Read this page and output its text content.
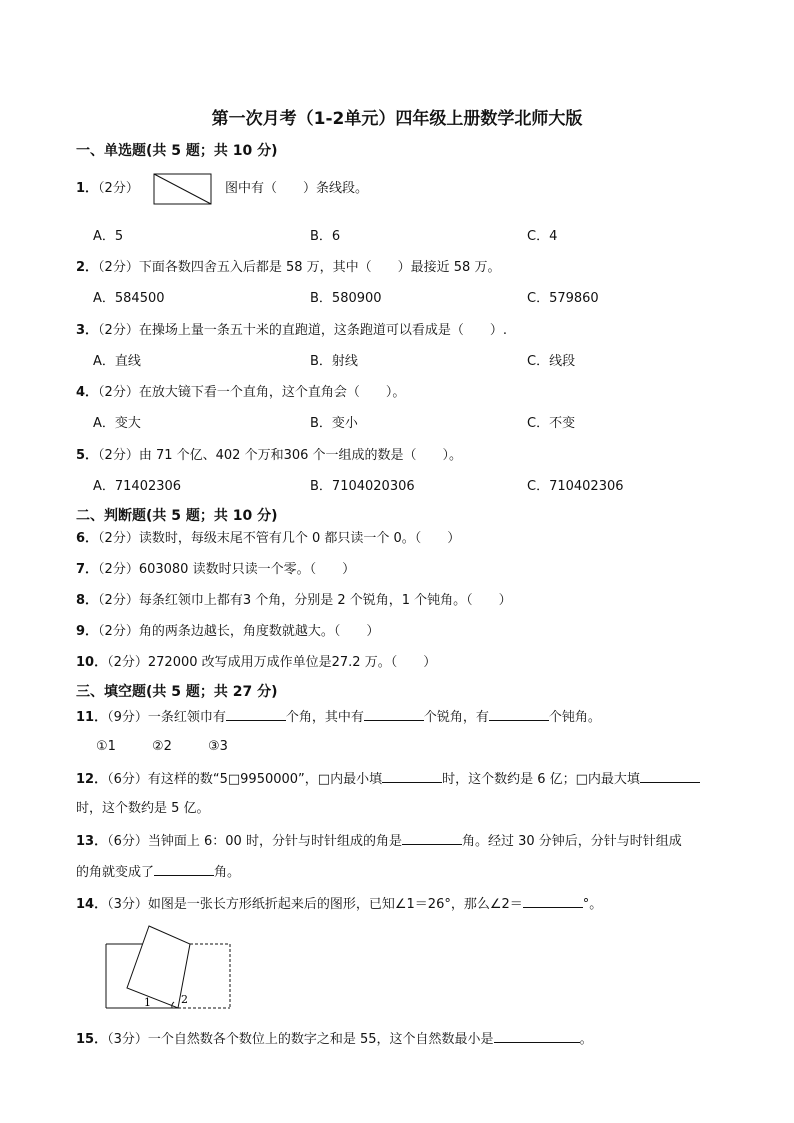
第一次月考（1-2单元）四年级上册数学北师大版
一、单选题(共 5 题；共 10 分)
1．（2分）	图中有（　　）条线段。
A．5	B．6	C．4
2．（2分）下面各数四舍五入后都是 58 万，其中（　　）最接近 58 万。
A．584500	B．580900	C．579860
3．（2分）在操场上量一条五十米的直跑道，这条跑道可以看成是（　　）.
A．直线	B．射线	C．线段
4．（2分）在放大镜下看一个直角，这个直角会（　　）。
A．变大	B．变小	C．不变
5．（2分）由 71 个亿、402 个万和306 个一组成的数是（　　）。
A．71402306	B．7104020306	C．710402306
二、判断题(共 5 题；共 10 分)
6．（2分）读数时，每级末尾不管有几个 0 都只读一个 0。（　　）
7．（2分）603080 读数时只读一个零。（　　）
8．（2分）每条红领巾上都有3 个角，分别是 2 个锐角，1 个钝角。（　　）
9．（2分）角的两条边越长，角度数就越大。（　　）
10．（2分）272000 改写成用万成作单位是27.2 万。（　　）
三、填空题(共 5 题；共 27 分)
11．（9分）一条红领巾有	个角，其中有	个锐角，有	个钝角。
①1	②2	③3
12．（6分）有这样的数“5□9950000”，□内最小填	时，这个数约是 6 亿；□内最大填
时，这个数约是 5 亿。
13．（6分）当钟面上 6：00 时，分针与时针组成的角是	角。经过 30 分钟后，分针与时针组成
的角就变成了	角。
14．（3分）如图是一张长方形纸折起来后的图形，已知∠1＝26°，那么∠2＝	°。
1	2
15．（3分）一个自然数各个数位上的数字之和是 55，这个自然数最小是	。
